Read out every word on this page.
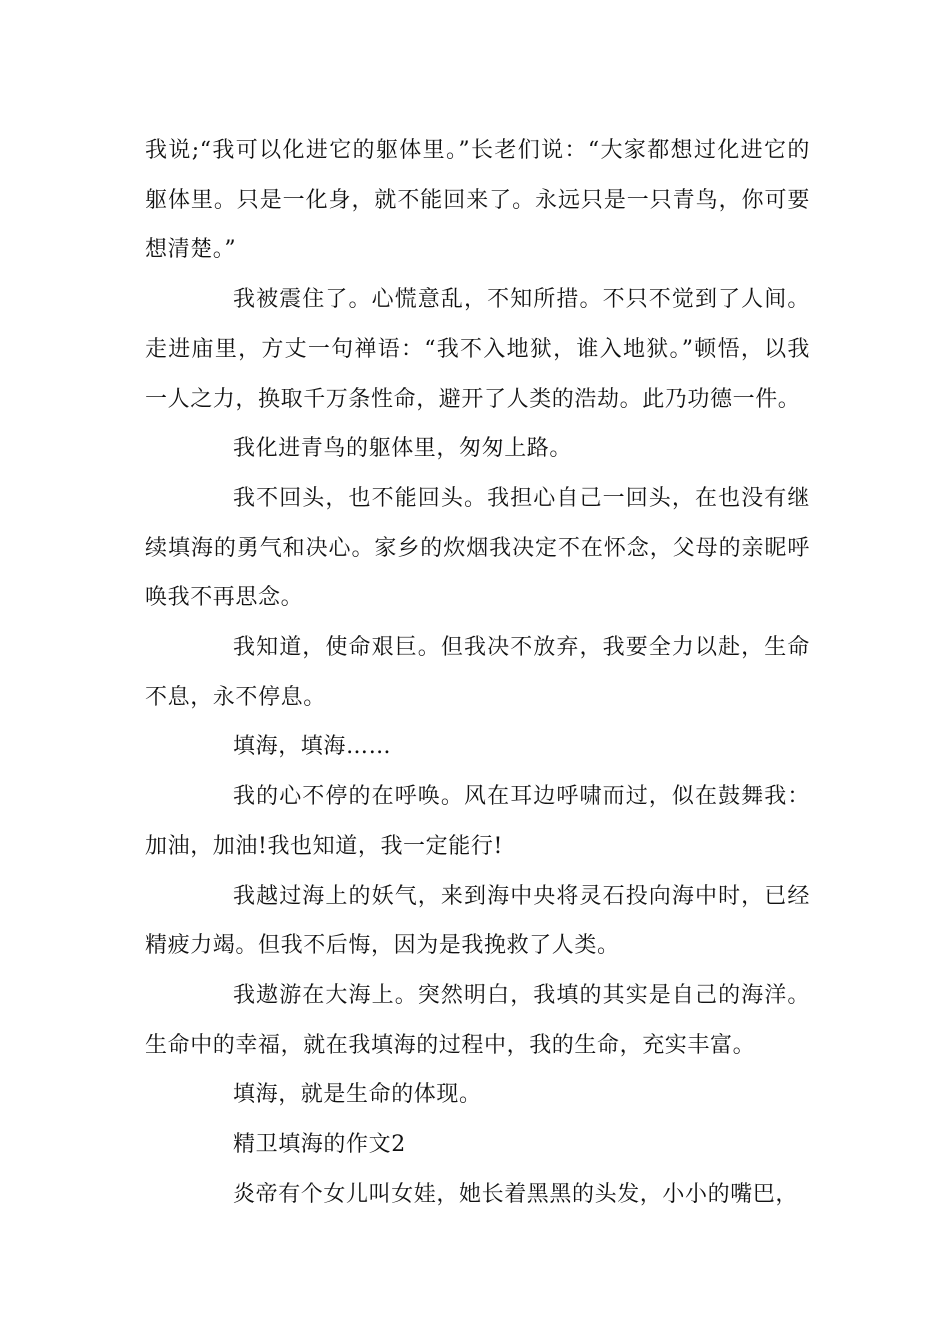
我说;“我可以化进它的躯体里。”长老们说：“大家都想过化进它的躯体里。只是一化身，就不能回来了。永远只是一只青鸟，你可要想清楚。”

我被震住了。心慌意乱，不知所措。不只不觉到了人间。走进庙里，方丈一句禅语：“我不入地狱，谁入地狱。”顿悟，以我一人之力，换取千万条性命，避开了人类的浩劫。此乃功德一件。

我化进青鸟的躯体里，匆匆上路。

我不回头，也不能回头。我担心自己一回头，在也没有继续填海的勇气和决心。家乡的炊烟我决定不在怀念，父母的亲昵呼唤我不再思念。

我知道，使命艰巨。但我决不放弃，我要全力以赴，生命不息，永不停息。

填海，填海……

我的心不停的在呼唤。风在耳边呼啸而过，似在鼓舞我：加油，加油!我也知道，我一定能行!

我越过海上的妖气，来到海中央将灵石投向海中时，已经精疲力竭。但我不后悔，因为是我挽救了人类。

我遨游在大海上。突然明白，我填的其实是自己的海洋。生命中的幸福，就在我填海的过程中，我的生命，充实丰富。

填海，就是生命的体现。

精卫填海的作文2

炎帝有个女儿叫女娃，她长着黑黑的头发，小小的嘴巴，
